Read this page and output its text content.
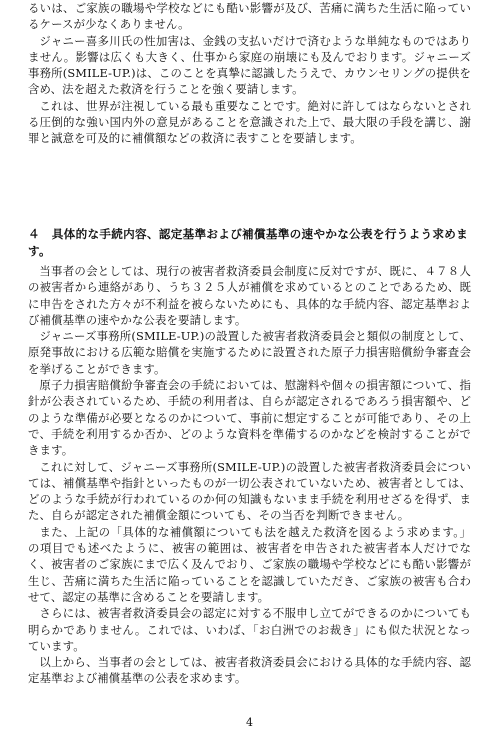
るいは、ご家族の職場や学校などにも酷い影響が及び、苦痛に満ちた生活に陥っているケースが少なくありません。

ジャニー喜多川氏の性加害は、金銭の支払いだけで済むような単純なものではありません。影響は広くも大きく、仕事から家庭の崩壊にも及んでおります。ジャニーズ事務所(SMILE-UP.)は、このことを真摯に認識したうえで、カウンセリングの提供を含め、法を超えた救済を行うことを強く要請します。

これは、世界が注視している最も重要なことです。絶対に許してはならないとされる圧倒的な強い国内外の意見があることを意識された上で、最大限の手段を講じ、謝罪と誠意を可及的に補償額などの救済に表すことを要請します。

４　具体的な手続内容、認定基準および補償基準の速やかな公表を行うよう求めます。

当事者の会としては、現行の被害者救済委員会制度に反対ですが、既に、４７８人の被害者から連絡があり、うち３２５人が補償を求めているとのことであるため、既に申告をされた方々が不利益を被らないためにも、具体的な手続内容、認定基準および補償基準の速やかな公表を要請します。

ジャニーズ事務所(SMILE-UP.)の設置した被害者救済委員会と類似の制度として、原発事故における広範な賠償を実施するために設置された原子力損害賠償紛争審査会を挙げることができます。

原子力損害賠償紛争審査会の手続においては、慰謝料や個々の損害額について、指針が公表されているため、手続の利用者は、自らが認定されるであろう損害額や、どのような準備が必要となるのかについて、事前に想定することが可能であり、その上で、手続を利用するか否か、どのような資料を準備するのかなどを検討することができます。

これに対して、ジャニーズ事務所(SMILE-UP.)の設置した被害者救済委員会については、補償基準や指針といったものが一切公表されていないため、被害者としては、どのような手続が行われているのか何の知識もないまま手続を利用せざるを得ず、また、自らが認定された補償金額についても、その当否を判断できません。

また、上記の「具体的な補償額についても法を越えた救済を図るよう求めます。」の項目でも述べたように、被害の範囲は、被害者を申告された被害者本人だけでなく、被害者のご家族にまで広く及んでおり、ご家族の職場や学校などにも酷い影響が生じ、苦痛に満ちた生活に陥っていることを認識していただき、ご家族の被害も合わせて、認定の基準に含めることを要請します。

さらには、被害者救済委員会の認定に対する不服申し立てができるのかについても明らかでありません。これでは、いわば、「お白洲でのお裁き」にも似た状況となっています。

以上から、当事者の会としては、被害者救済委員会における具体的な手続内容、認定基準および補償基準の公表を求めます。

4
